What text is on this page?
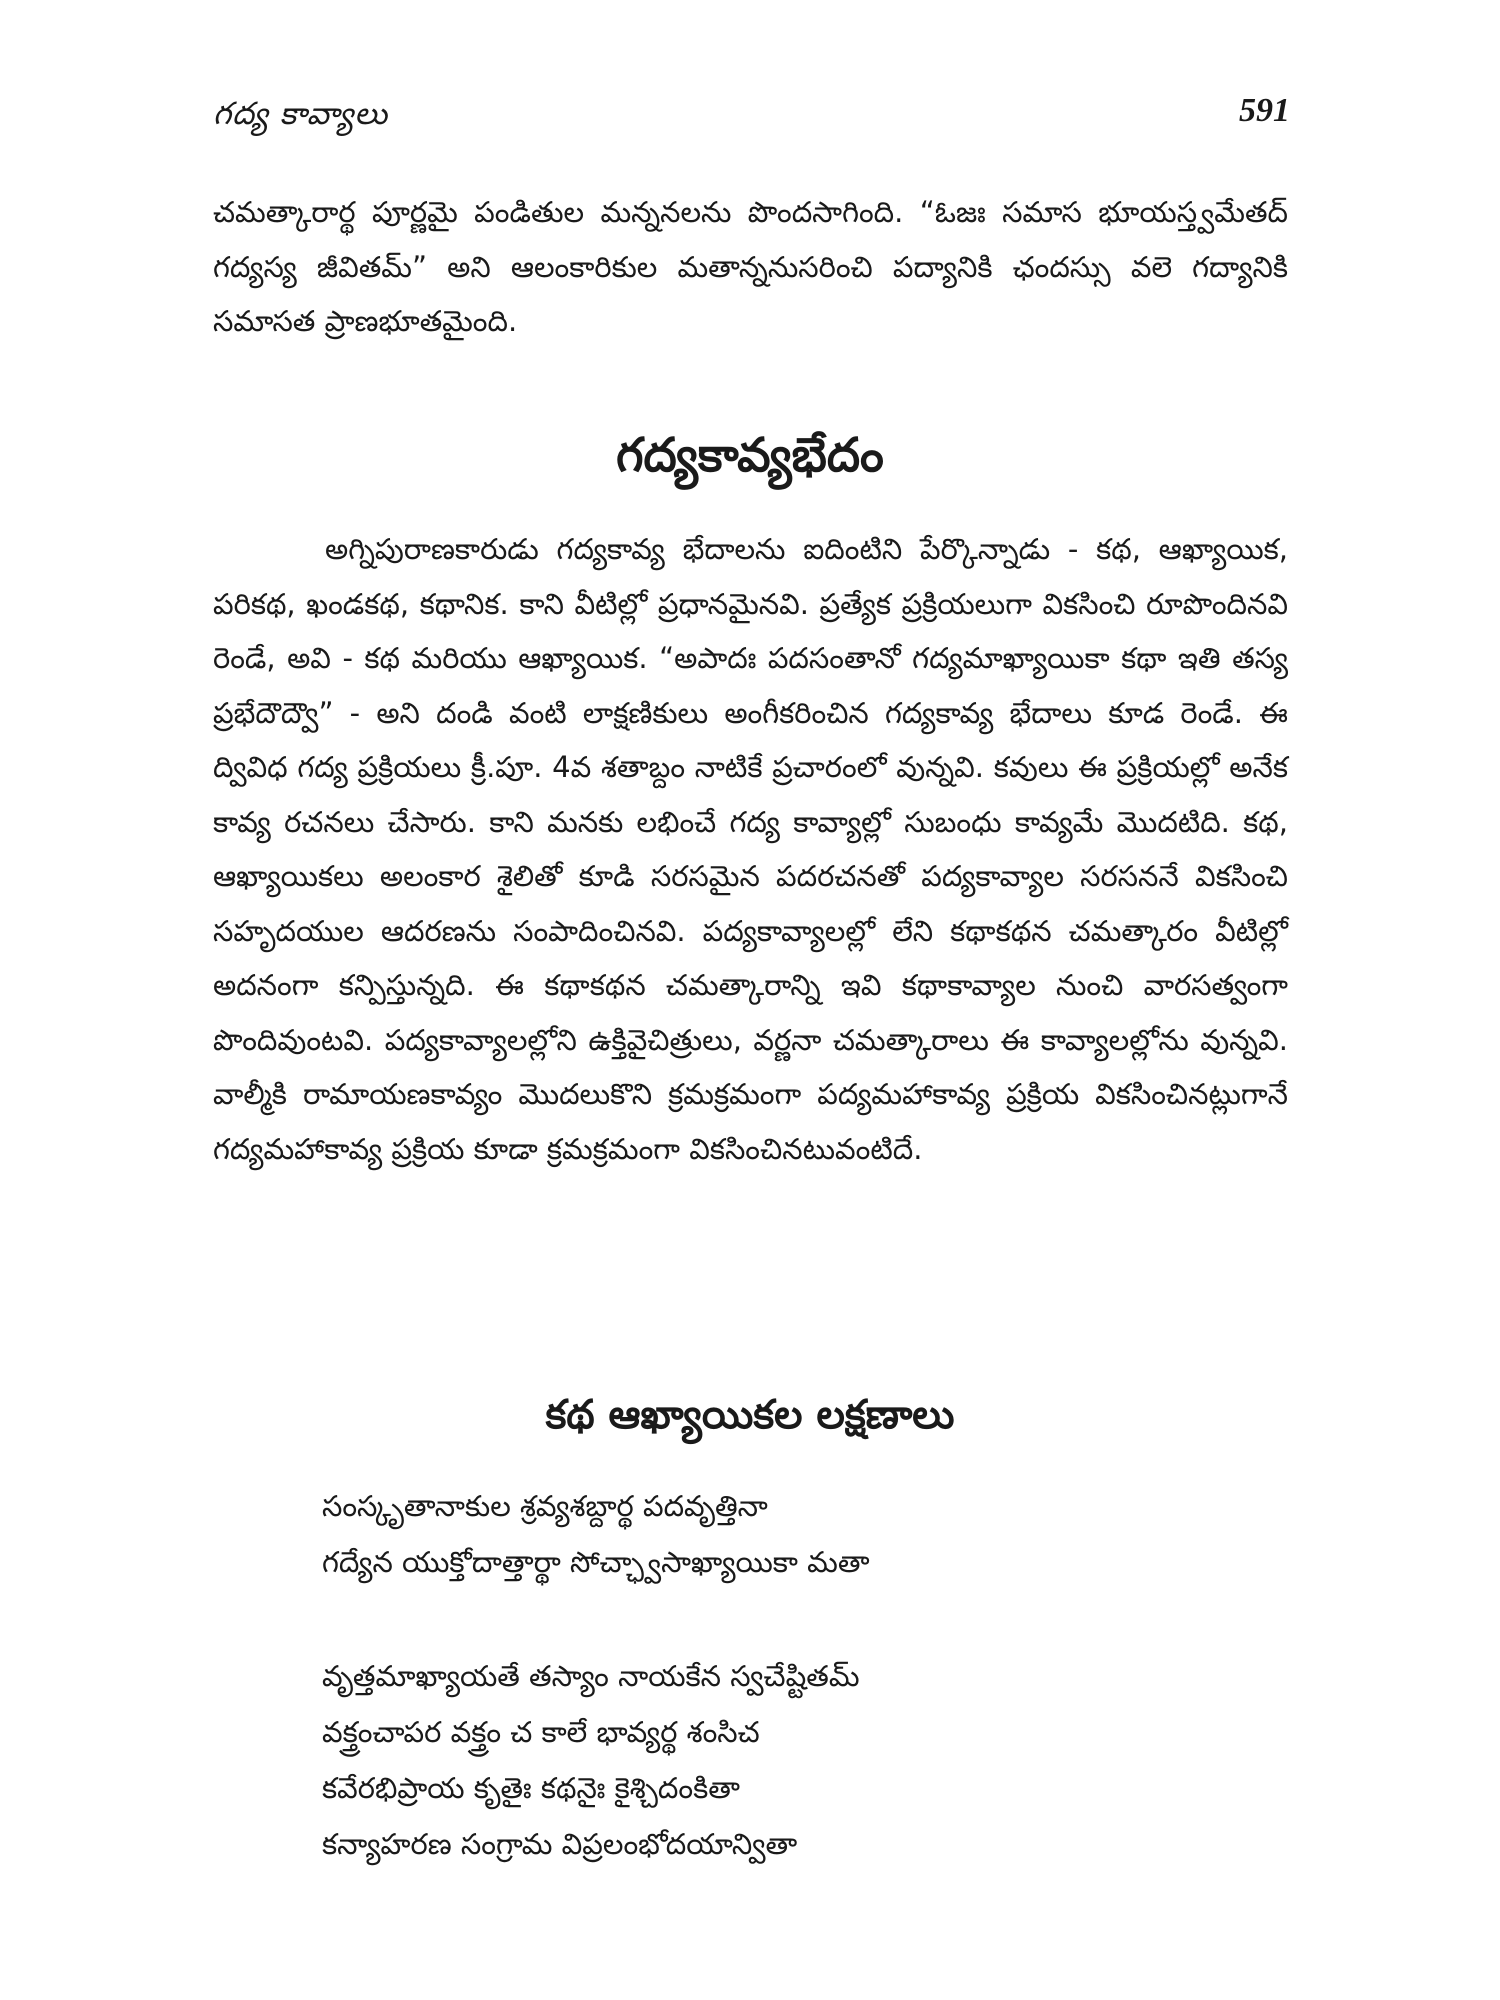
గద్య కావ్యాలు	591

చమత్కారార్థ పూర్ణమై పండితుల మన్ననలను పొందసాగింది. “ఓజః సమాస భూయస్త్వమేతద్ గద్యస్య జీవితమ్” అని ఆలంకారికుల మతాన్ననుసరించి పద్యానికి ఛందస్సు వలె గద్యానికి సమాసత ప్రాణభూతమైంది.

గద్యకావ్యభేదం

అగ్నిపురాణకారుడు గద్యకావ్య భేదాలను ఐదింటిని పేర్కొన్నాడు - కథ, ఆఖ్యాయిక, పరికథ, ఖండకథ, కథానిక. కాని వీటిల్లో ప్రధానమైనవి. ప్రత్యేక ప్రక్రియలుగా వికసించి రూపొందినవి రెండే, అవి - కథ మరియు ఆఖ్యాయిక. “అపాదః పదసంతానో గద్యమాఖ్యాయికా కథా ఇతి తస్య ప్రభేదౌద్వౌ” - అని దండి వంటి లాక్షణికులు అంగీకరించిన గద్యకావ్య భేదాలు కూడ రెండే. ఈ ద్వివిధ గద్య ప్రక్రియలు క్రీ.పూ. 4వ శతాబ్దం నాటికే ప్రచారంలో వున్నవి. కవులు ఈ ప్రక్రియల్లో అనేక కావ్య రచనలు చేసారు. కాని మనకు లభించే గద్య కావ్యాల్లో సుబంధు కావ్యమే మొదటిది. కథ, ఆఖ్యాయికలు అలంకార శైలితో కూడి సరసమైన పదరచనతో పద్యకావ్యాల సరసననే వికసించి సహృదయుల ఆదరణను సంపాదించినవి. పద్యకావ్యాలల్లో లేని కథాకథన చమత్కారం వీటిల్లో అదనంగా కన్పిస్తున్నది. ఈ కథాకథన చమత్కారాన్ని ఇవి కథాకావ్యాల నుంచి వారసత్వంగా పొందివుంటవి. పద్యకావ్యాలల్లోని ఉక్తివైచిత్రులు, వర్ణనా చమత్కారాలు ఈ కావ్యాలల్లోను వున్నవి. వాల్మీకి రామాయణకావ్యం మొదలుకొని క్రమక్రమంగా పద్యమహాకావ్య ప్రక్రియ వికసించినట్లుగానే గద్యమహాకావ్య ప్రక్రియ కూడా క్రమక్రమంగా వికసించినటువంటిదే.

కథ ఆఖ్యాయికల లక్షణాలు
సంస్కృతానాకుల శ్రవ్యశబ్దార్థ పదవృత్తినా
గద్యేన యుక్తోదాత్తార్థా సోచ్ఛ్వాసాఖ్యాయికా మతా
వృత్తమాఖ్యాయతే తస్యాం నాయకేన స్వచేష్టితమ్
వక్త్రంచాపర వక్త్రం చ కాలే భావ్యర్థ శంసిచ
కవేరభిప్రాయ కృతైః కథనైః కైశ్చిదంకితా
కన్యాహరణ సంగ్రామ విప్రలంభోదయాన్వితా
